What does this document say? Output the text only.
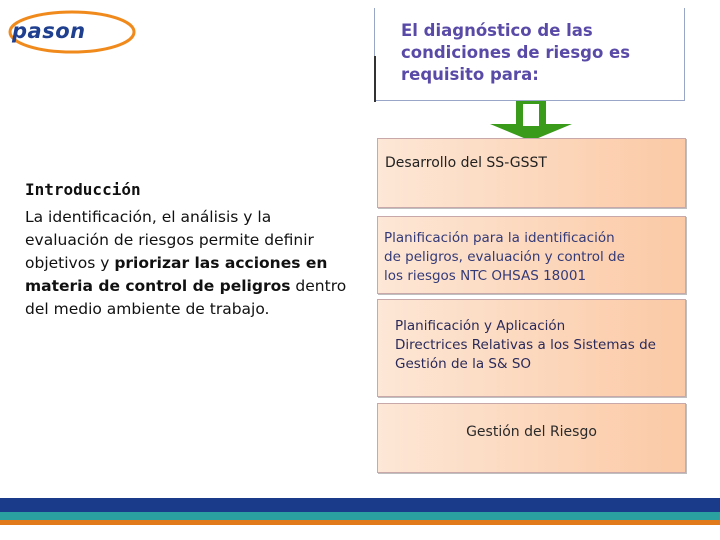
pason	El diagnóstico de las condiciones de riesgo es requisito para:
Desarrollo del SS-GSST
Planificación para la identificación
de peligros, evaluación y control de
los riesgos NTC OHSAS 18001
Planificación y Aplicación
Directrices Relativas a los Sistemas de
Gestión de la S& SO
Gestión del Riesgo
Introducción
La identificación, el análisis y la evaluación de riesgos permite definir objetivos y priorizar las acciones en materia de control de peligros dentro del medio ambiente de trabajo.
